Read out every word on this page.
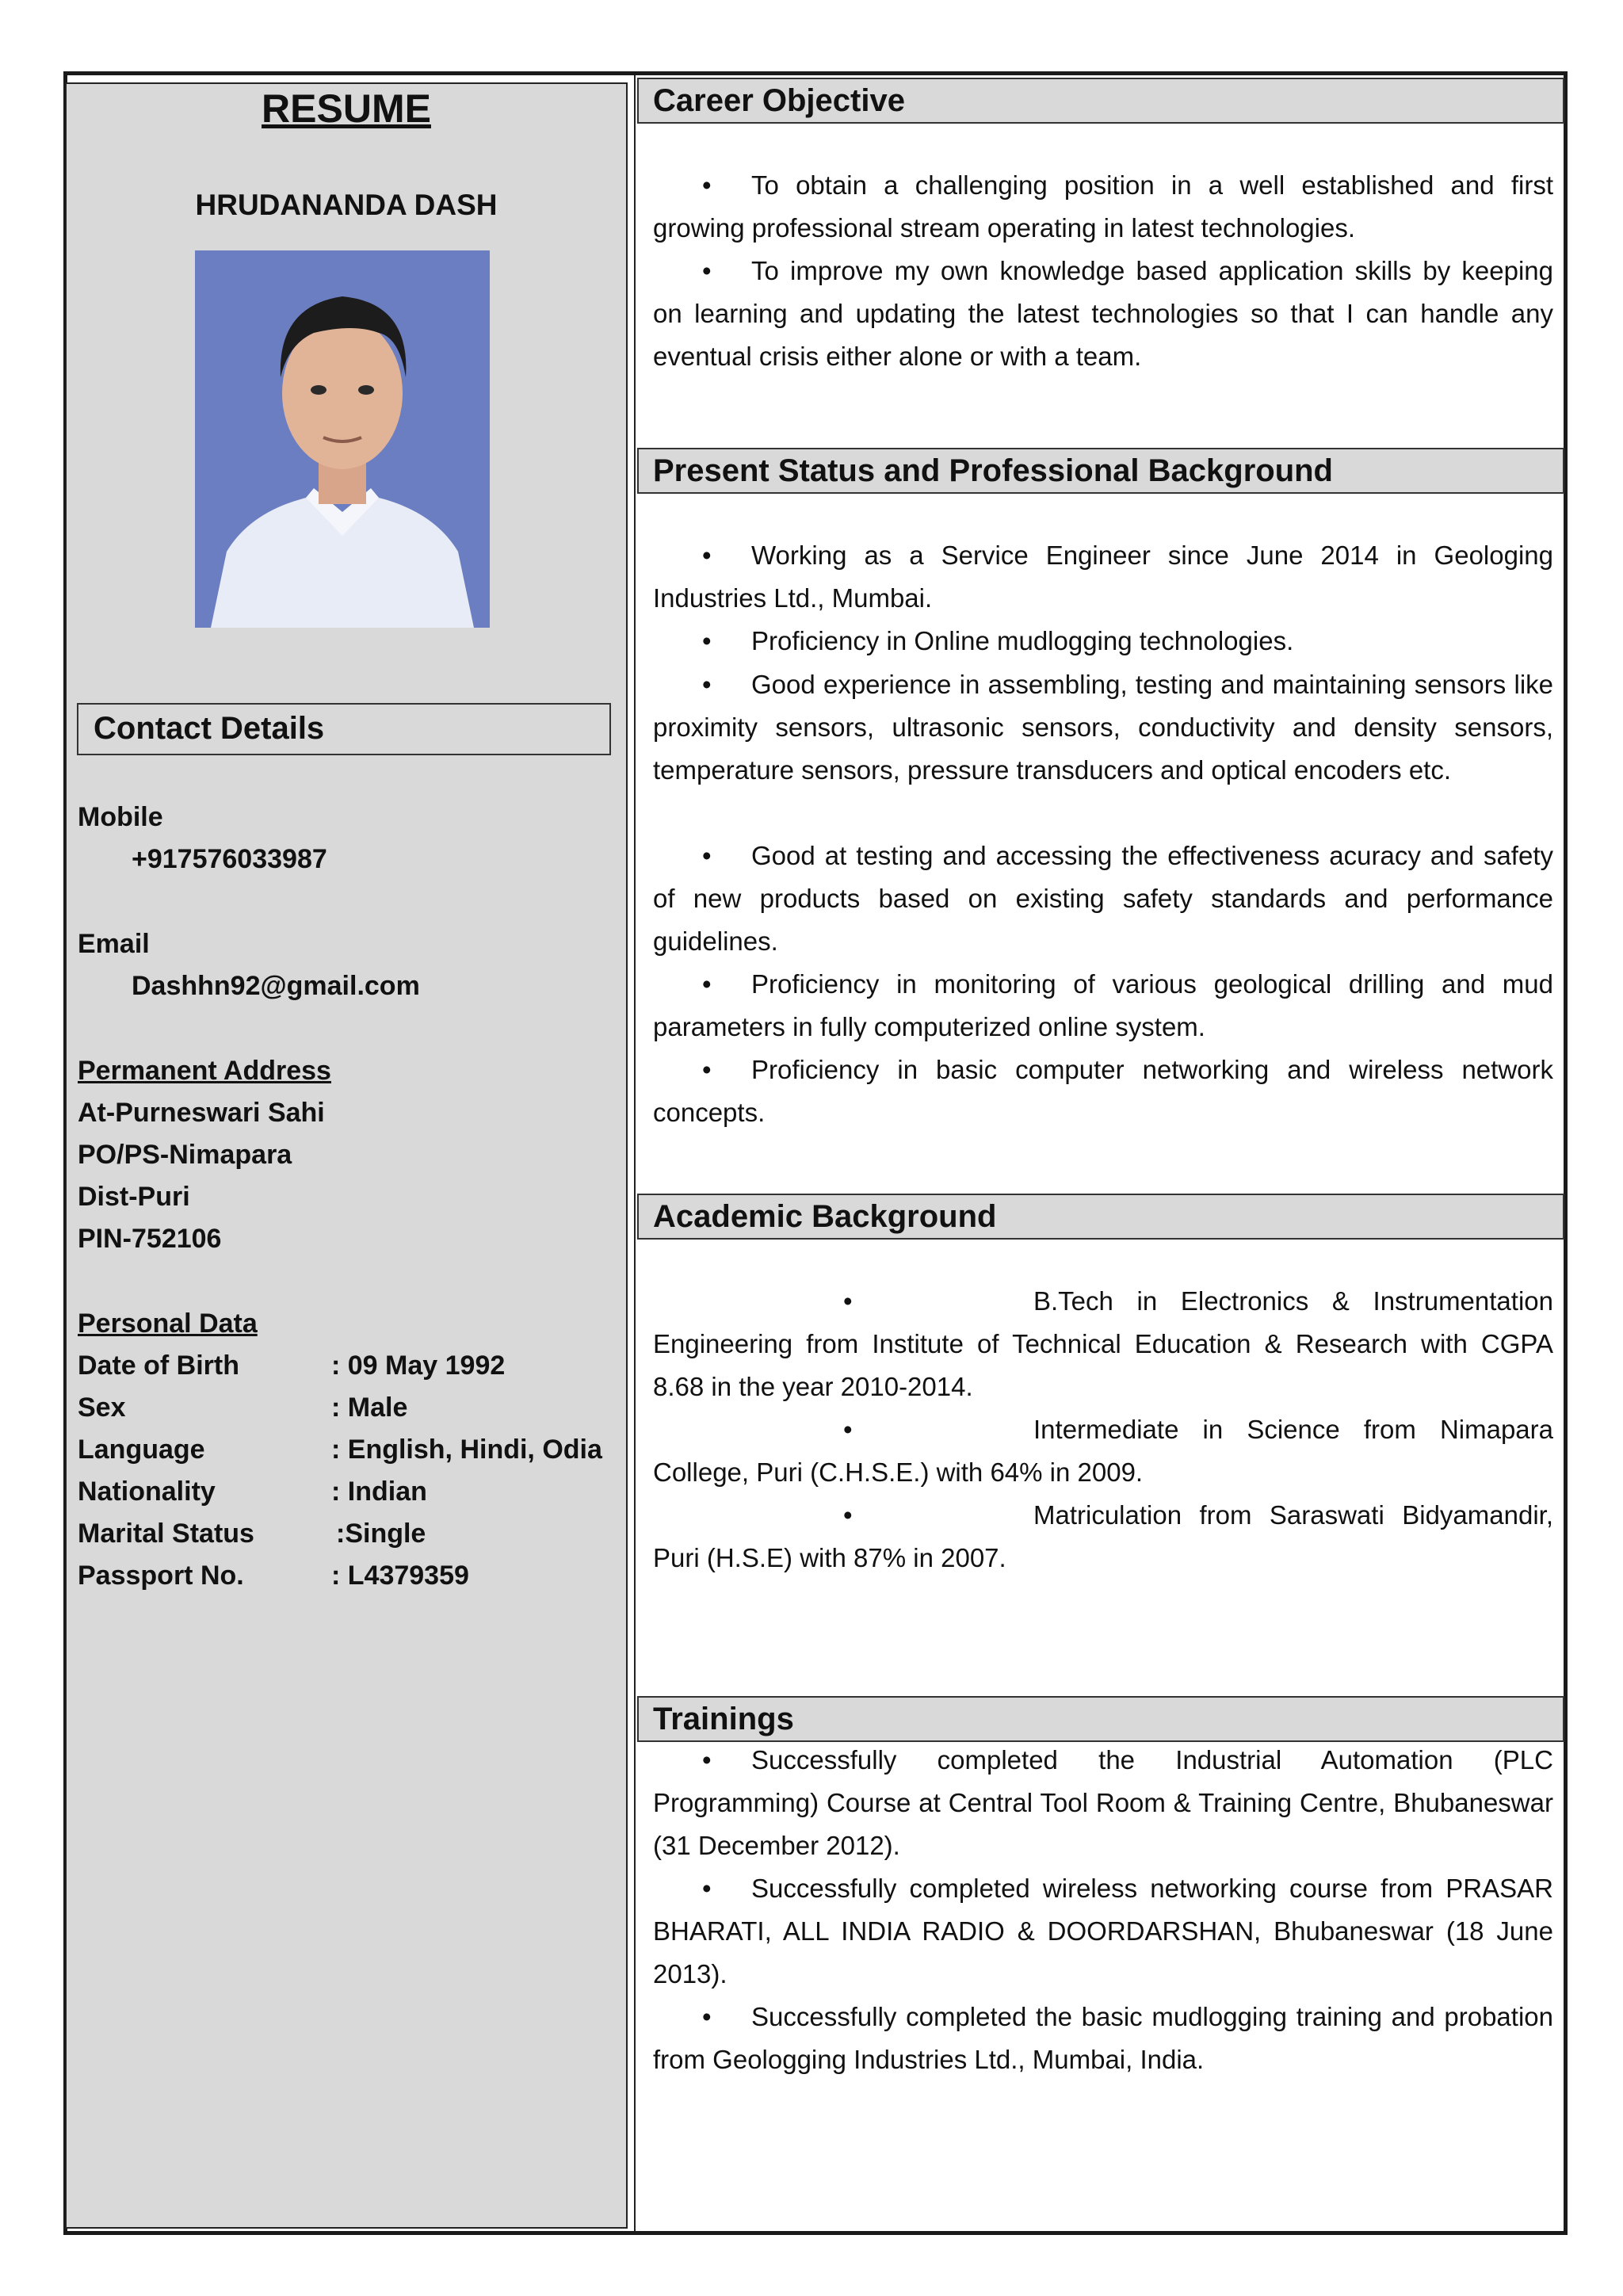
RESUME
HRUDANANDA DASH
Contact Details
Mobile
+917576033987
Email
Dashhn92@gmail.com
Permanent Address
At-Purneswari Sahi
PO/PS-Nimapara
Dist-Puri
PIN-752106
Personal Data
Date of Birth	: 09 May 1992
Sex	: Male
Language	: English, Hindi, Odia
Nationality	: Indian
Marital Status	:Single
Passport No.	: L4379359
Career Objective
• To obtain a challenging position in a well established and first growing professional stream operating in latest technologies.
• To improve my own knowledge based application skills by keeping on learning and updating the latest technologies so that I can handle any eventual crisis either alone or with a team.
Present Status and Professional Background
• Working as a Service Engineer since June 2014 in Geologing Industries Ltd., Mumbai.
• Proficiency in Online mudlogging technologies.
• Good experience in assembling, testing and maintaining sensors like proximity sensors, ultrasonic sensors, conductivity and density sensors, temperature sensors, pressure transducers and optical encoders etc.
• Good at testing and accessing the effectiveness acuracy and safety of new products based on existing safety standards and performance guidelines.
• Proficiency in monitoring of various geological drilling and mud parameters in fully computerized online system.
• Proficiency in basic computer networking and wireless network concepts.
Academic Background
•	B.Tech in Electronics & Instrumentation Engineering from Institute of Technical Education & Research with CGPA 8.68 in the year 2010-2014.
•	Intermediate in Science from Nimapara College, Puri (C.H.S.E.) with 64% in 2009.
•	Matriculation from Saraswati Bidyamandir, Puri (H.S.E) with 87% in 2007.
Trainings
• Successfully completed the Industrial Automation (PLC Programming) Course at Central Tool Room & Training Centre, Bhubaneswar (31 December 2012).
• Successfully completed wireless networking course from PRASAR BHARATI, ALL INDIA RADIO & DOORDARSHAN, Bhubaneswar (18 June 2013).
• Successfully completed the basic mudlogging training and probation from Geologging Industries Ltd., Mumbai, India.
